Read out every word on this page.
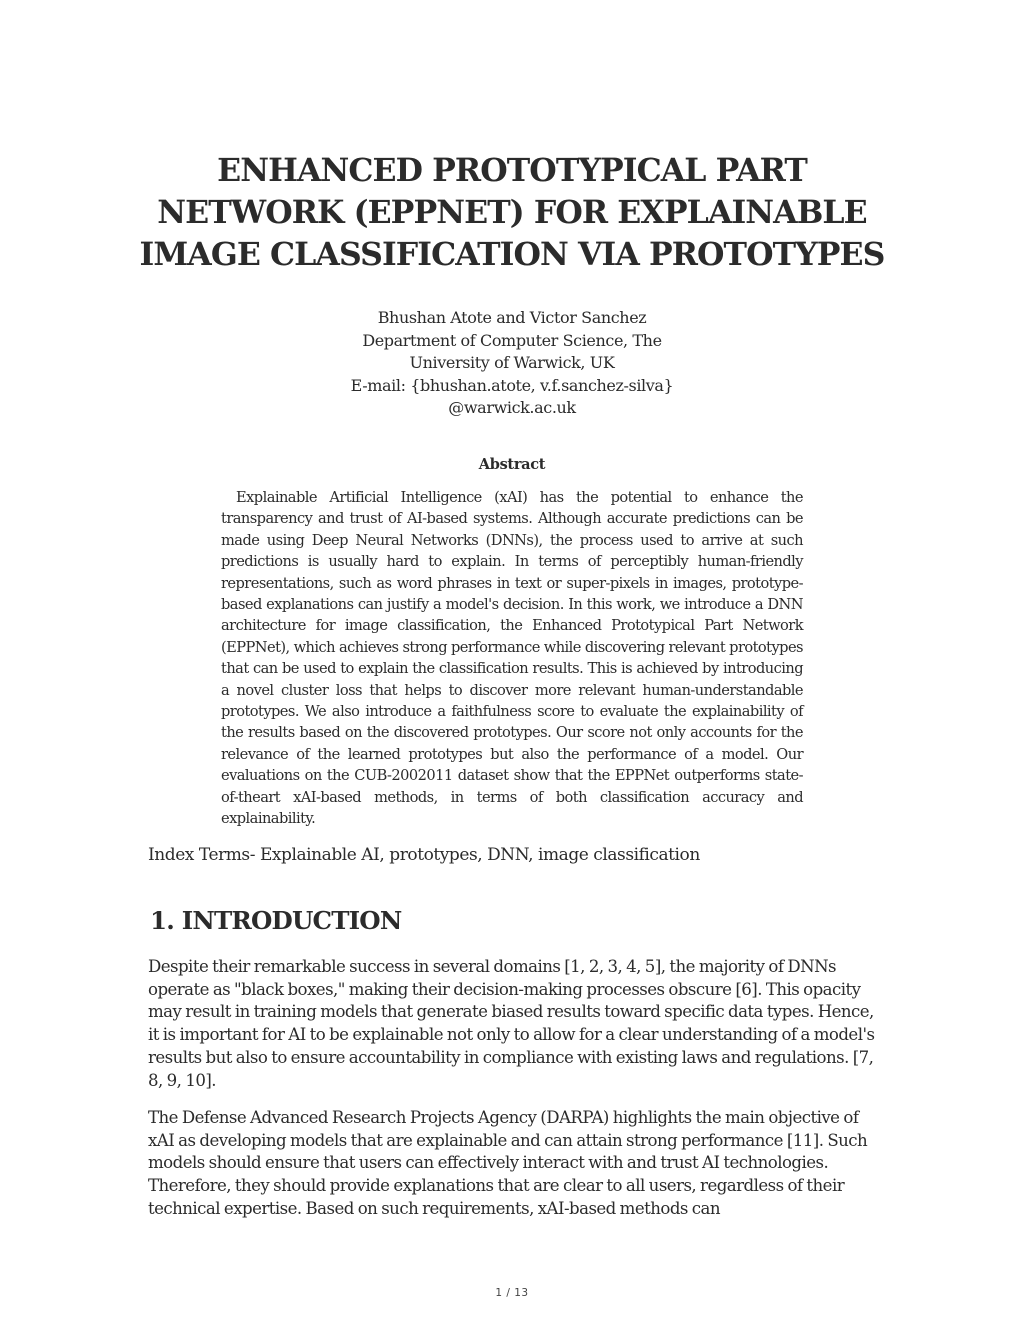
ENHANCED PROTOTYPICAL PART
NETWORK (EPPNET) FOR EXPLAINABLE
IMAGE CLASSIFICATION VIA PROTOTYPES
Bhushan Atote and Victor Sanchez
Department of Computer Science, The
University of Warwick, UK
E-mail: {bhushan.atote, v.f.sanchez-silva}
@warwick.ac.uk
Abstract

Explainable Artificial Intelligence (xAI) has the potential to enhance the transparency and trust of AI-based systems. Although accurate predictions can be made using Deep Neural Networks (DNNs), the process used to arrive at such predictions is usually hard to explain. In terms of perceptibly human-friendly representations, such as word phrases in text or super-pixels in images, prototype-based explanations can justify a model's decision. In this work, we introduce a DNN architecture for image classification, the Enhanced Prototypical Part Network (EPPNet), which achieves strong performance while discovering relevant prototypes that can be used to explain the classification results. This is achieved by introducing a novel cluster loss that helps to discover more relevant human-understandable prototypes. We also introduce a faithfulness score to evaluate the explainability of the results based on the discovered prototypes. Our score not only accounts for the relevance of the learned prototypes but also the performance of a model. Our evaluations on the CUB-2002011 dataset show that the EPPNet outperforms state-of-theart xAI-based methods, in terms of both classification accuracy and explainability.

Index Terms- Explainable AI, prototypes, DNN, image classification

1. INTRODUCTION

Despite their remarkable success in several domains [1, 2, 3, 4, 5], the majority of DNNs operate as "black boxes," making their decision-making processes obscure [6]. This opacity may result in training models that generate biased results toward specific data types. Hence, it is important for AI to be explainable not only to allow for a clear understanding of a model's results but also to ensure accountability in compliance with existing laws and regulations. [7, 8, 9, 10].

The Defense Advanced Research Projects Agency (DARPA) highlights the main objective of xAI as developing models that are explainable and can attain strong performance [11]. Such models should ensure that users can effectively interact with and trust AI technologies. Therefore, they should provide explanations that are clear to all users, regardless of their technical expertise. Based on such requirements, xAI-based methods can

1 / 13
